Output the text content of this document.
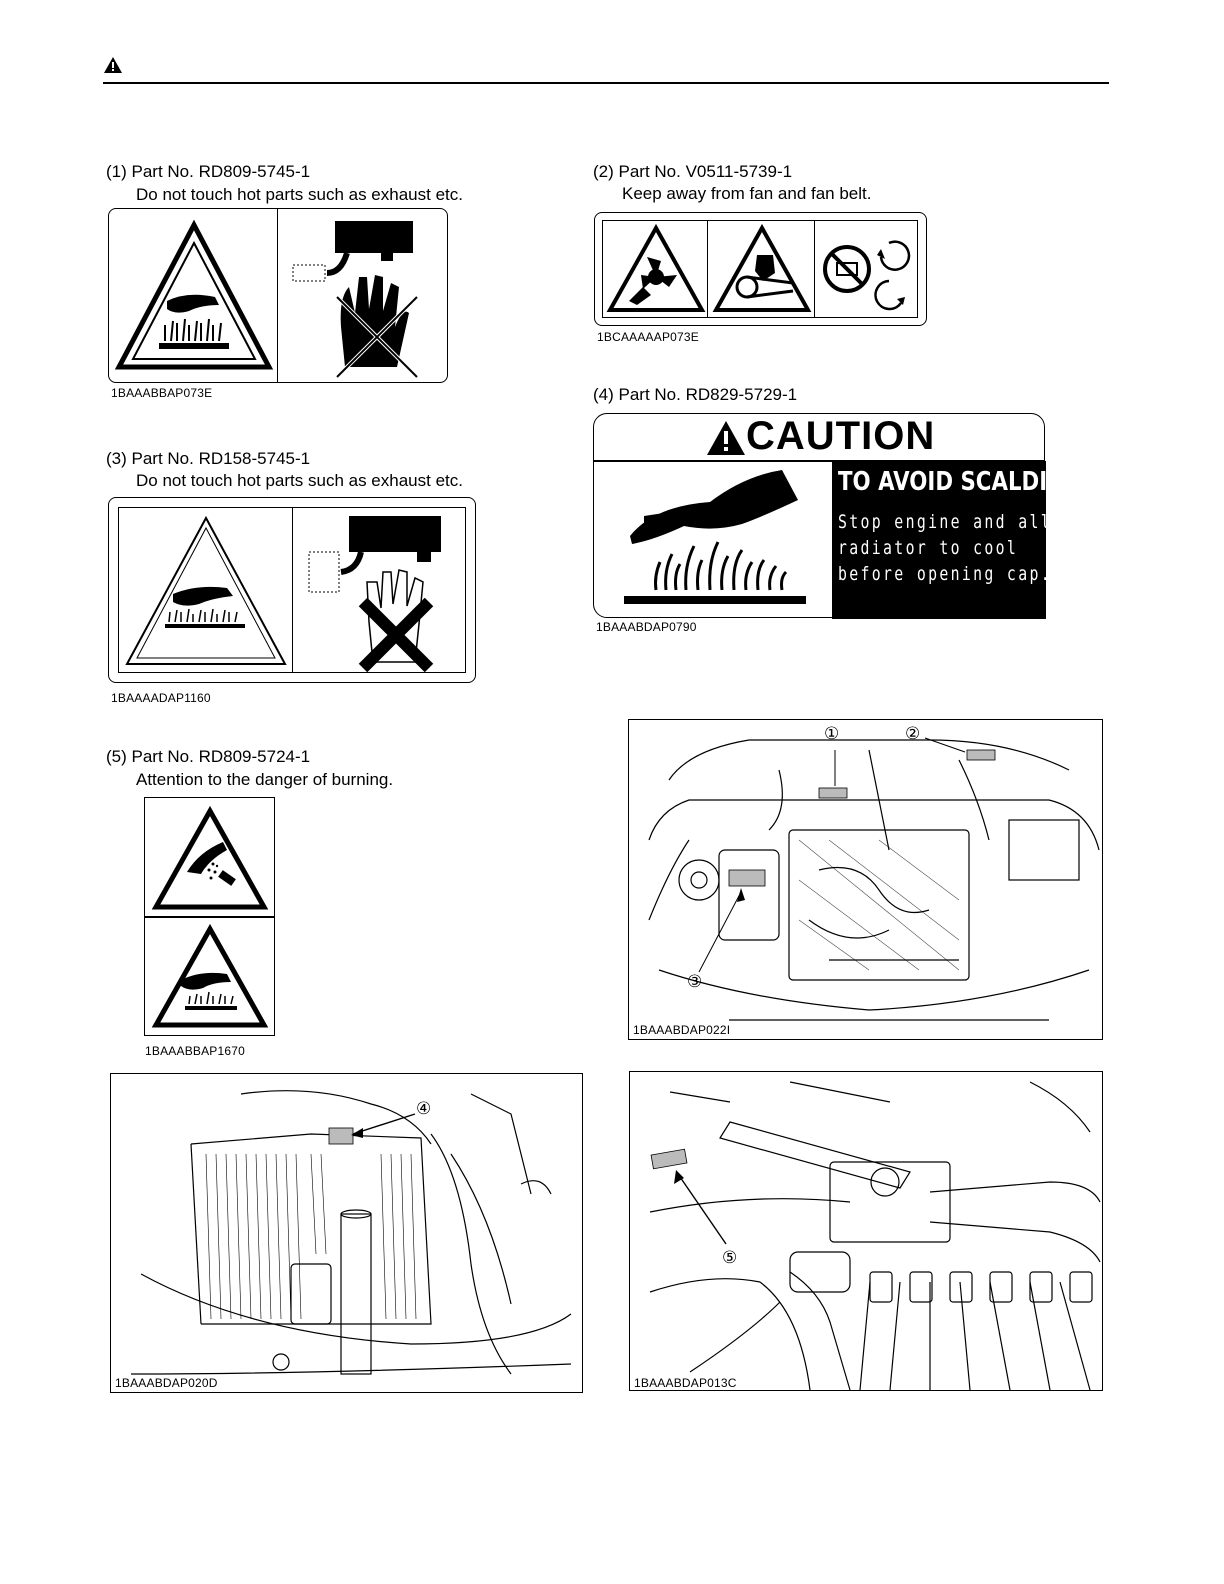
(1) Part No. RD809-5745-1
Do not touch hot parts such as exhaust etc.
1BAAABBAP073E
(2) Part No. V0511-5739-1
Keep away from fan and fan belt.
1BCAAAAAP073E
(4) Part No. RD829-5729-1
CAUTION
TO AVOID SCALDING
Stop engine and allow
radiator to cool
before opening cap.
1BAAABDAP0790
(3) Part No. RD158-5745-1
Do not touch hot parts such as exhaust etc.
1BAAAADAP1160
(5) Part No. RD809-5724-1
Attention to the danger of burning.
1BAAABBAP1670
①	②
③
1BAAABDAP022I
④
1BAAABDAP020D
⑤
1BAAABDAP013C
